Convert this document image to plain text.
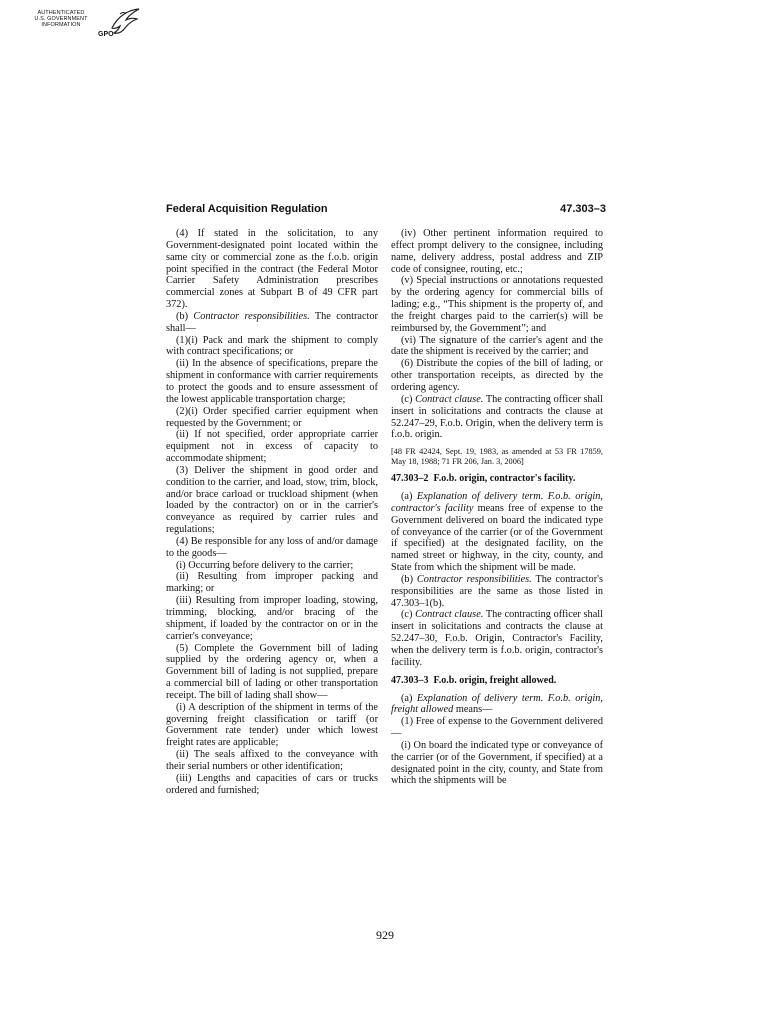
AUTHENTICATED
U.S. GOVERNMENT
INFORMATION
GPO
Federal Acquisition Regulation	47.303–3

(4) If stated in the solicitation, to any Government-designated point located within the same city or commercial zone as the f.o.b. origin point specified in the contract (the Federal Motor Carrier Safety Administration prescribes commercial zones at Subpart B of 49 CFR part 372).

(b) Contractor responsibilities. The contractor shall—

(1)(i) Pack and mark the shipment to comply with contract specifications; or

(ii) In the absence of specifications, prepare the shipment in conformance with carrier requirements to protect the goods and to ensure assessment of the lowest applicable transportation charge;

(2)(i) Order specified carrier equipment when requested by the Government; or

(ii) If not specified, order appropriate carrier equipment not in excess of capacity to accommodate shipment;

(3) Deliver the shipment in good order and condition to the carrier, and load, stow, trim, block, and/or brace carload or truckload shipment (when loaded by the contractor) on or in the carrier's conveyance as required by carrier rules and regulations;

(4) Be responsible for any loss of and/or damage to the goods—

(i) Occurring before delivery to the carrier;

(ii) Resulting from improper packing and marking; or

(iii) Resulting from improper loading, stowing, trimming, blocking, and/or bracing of the shipment, if loaded by the contractor on or in the carrier's conveyance;

(5) Complete the Government bill of lading supplied by the ordering agency or, when a Government bill of lading is not supplied, prepare a commercial bill of lading or other transportation receipt. The bill of lading shall show—

(i) A description of the shipment in terms of the governing freight classification or tariff (or Government rate tender) under which lowest freight rates are applicable;

(ii) The seals affixed to the conveyance with their serial numbers or other identification;

(iii) Lengths and capacities of cars or trucks ordered and furnished;

(iv) Other pertinent information required to effect prompt delivery to the consignee, including name, delivery address, postal address and ZIP code of consignee, routing, etc.;

(v) Special instructions or annotations requested by the ordering agency for commercial bills of lading; e.g., “This shipment is the property of, and the freight charges paid to the carrier(s) will be reimbursed by, the Government”; and

(vi) The signature of the carrier's agent and the date the shipment is received by the carrier; and

(6) Distribute the copies of the bill of lading, or other transportation receipts, as directed by the ordering agency.

(c) Contract clause. The contracting officer shall insert in solicitations and contracts the clause at 52.247–29, F.o.b. Origin, when the delivery term is f.o.b. origin.

[48 FR 42424, Sept. 19, 1983, as amended at 53 FR 17859, May 18, 1988; 71 FR 206, Jan. 3, 2006]

47.303–2 F.o.b. origin, contractor's facility.

(a) Explanation of delivery term. F.o.b. origin, contractor's facility means free of expense to the Government delivered on board the indicated type of conveyance of the carrier (or of the Government if specified) at the designated facility, on the named street or highway, in the city, county, and State from which the shipment will be made.

(b) Contractor responsibilities. The contractor's responsibilities are the same as those listed in 47.303–1(b).

(c) Contract clause. The contracting officer shall insert in solicitations and contracts the clause at 52.247–30, F.o.b. Origin, Contractor's Facility, when the delivery term is f.o.b. origin, contractor's facility.

47.303–3 F.o.b. origin, freight allowed.

(a) Explanation of delivery term. F.o.b. origin, freight allowed means—

(1) Free of expense to the Government delivered—

(i) On board the indicated type or conveyance of the carrier (or of the Government, if specified) at a designated point in the city, county, and State from which the shipments will be

929
